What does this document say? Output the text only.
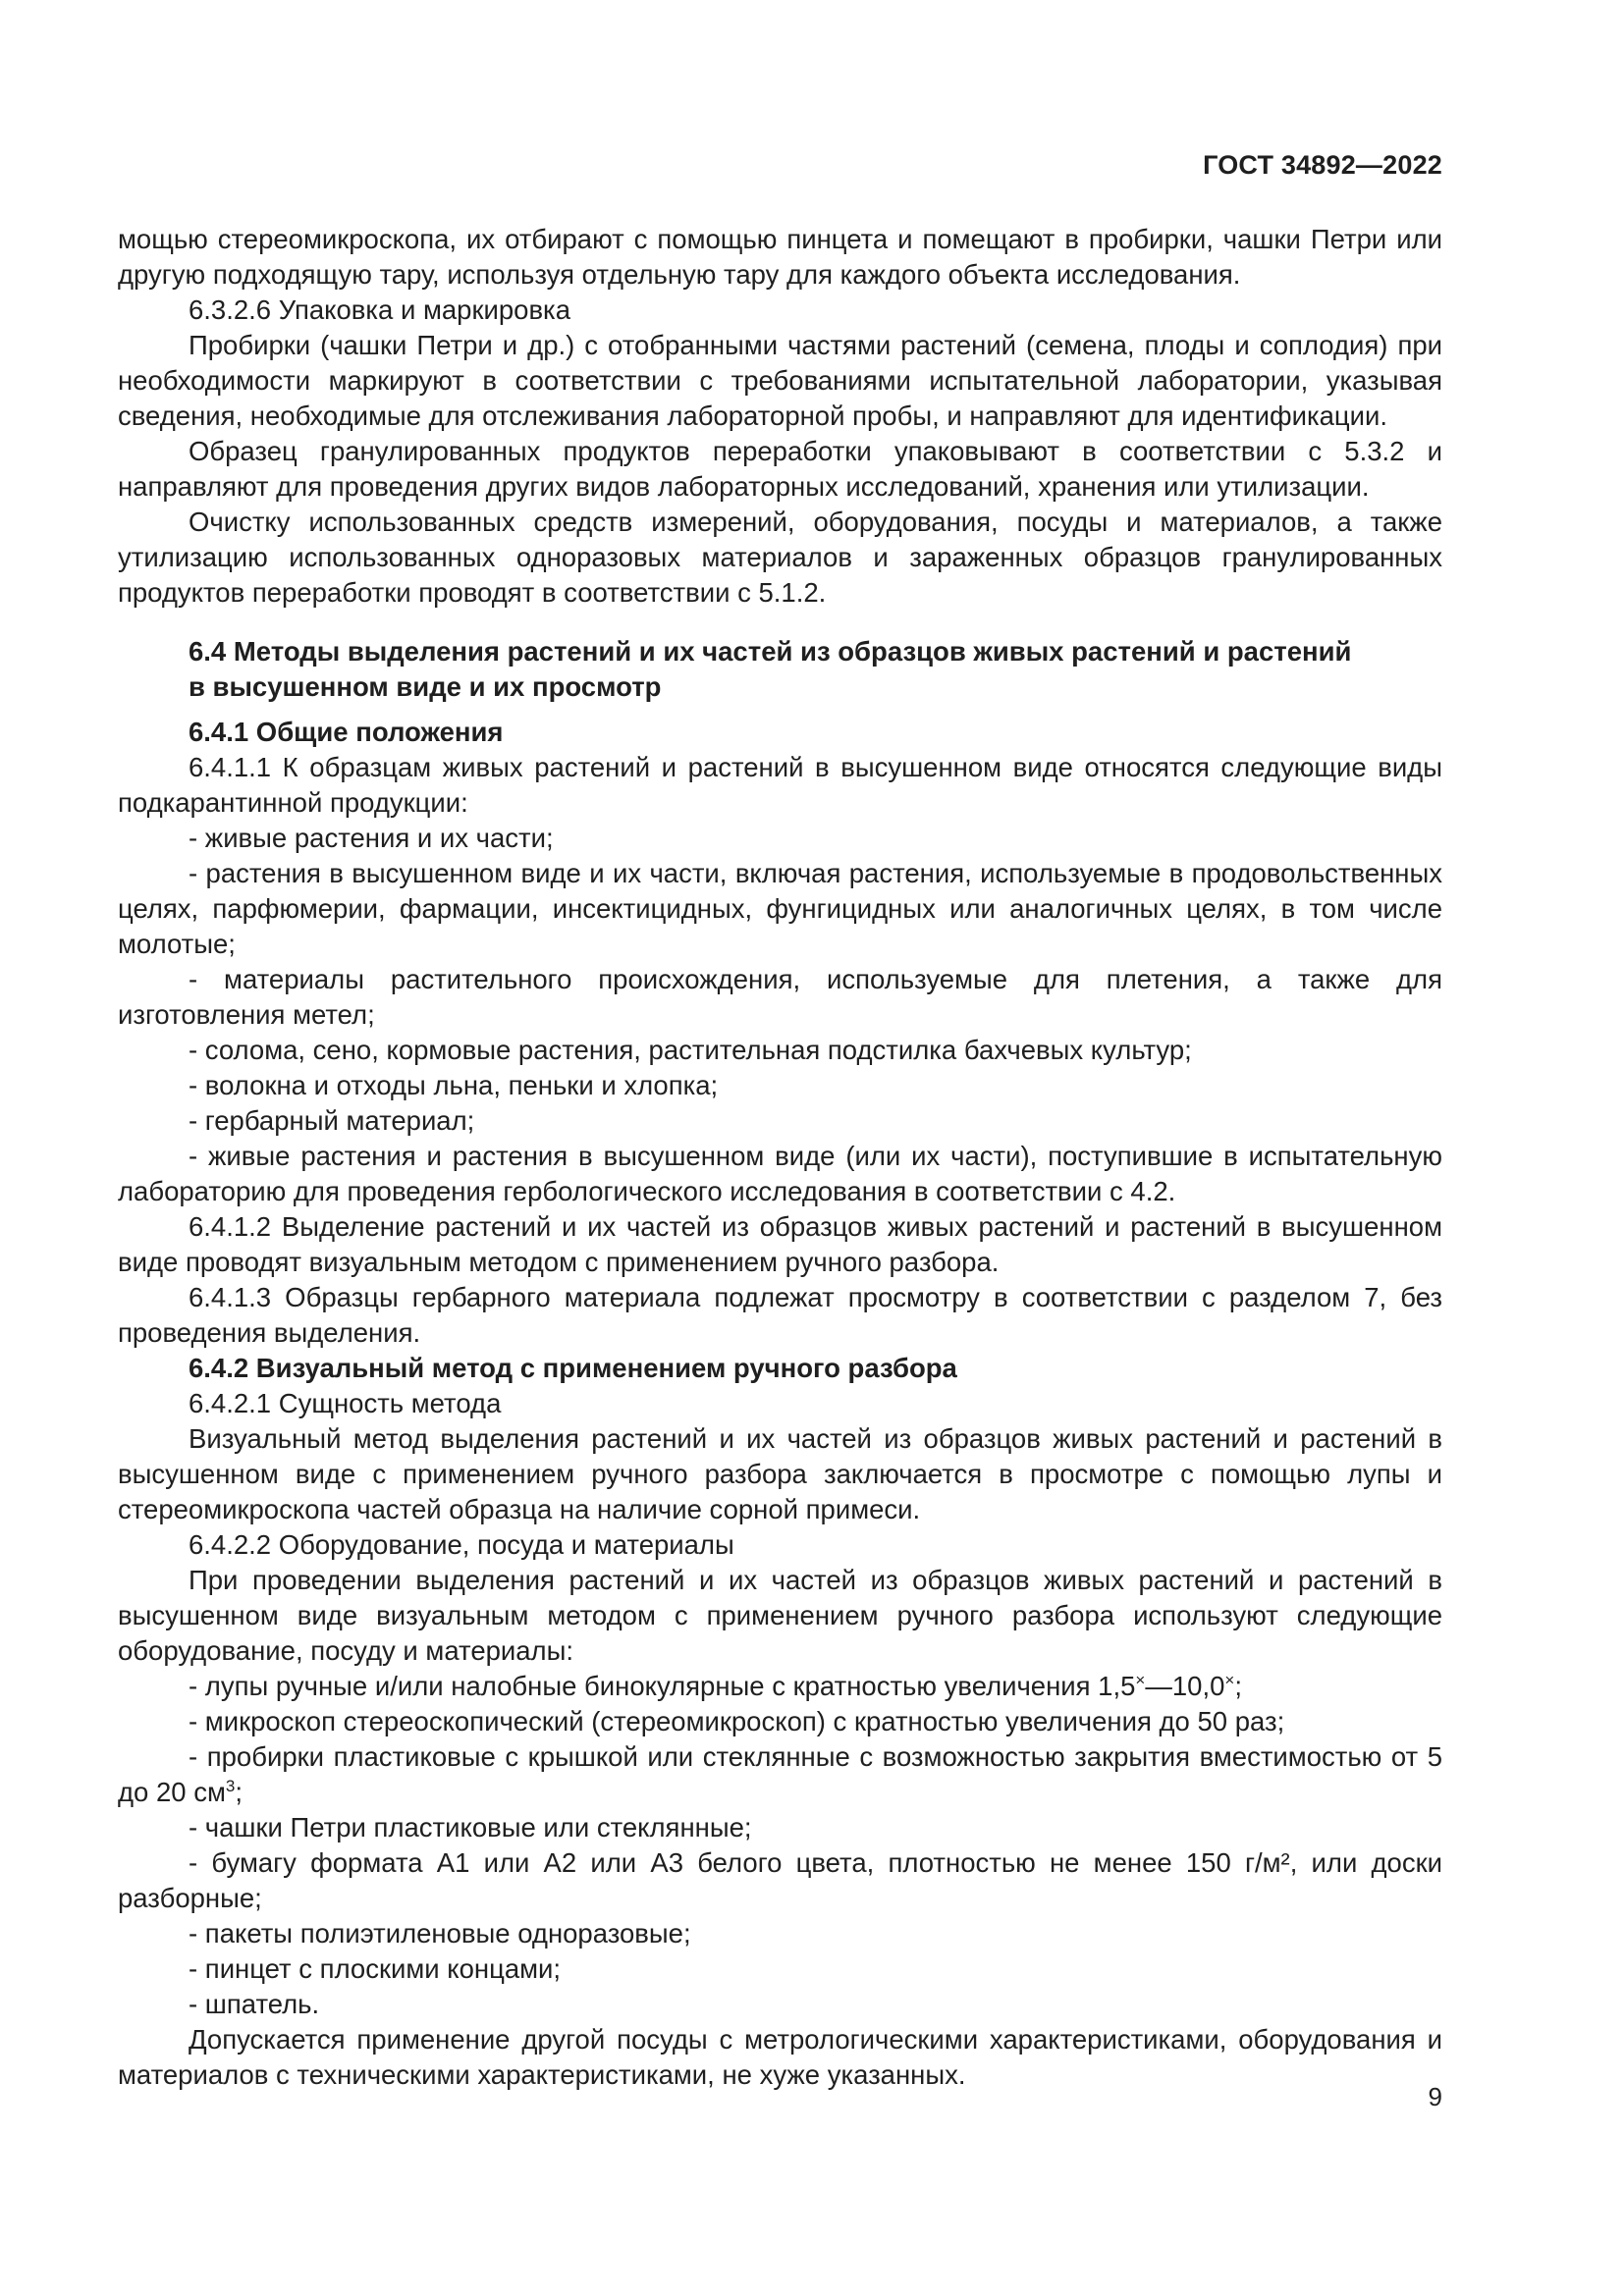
ГОСТ 34892—2022

мощью стереомикроскопа, их отбирают с помощью пинцета и помещают в пробирки, чашки Петри или другую подходящую тару, используя отдельную тару для каждого объекта исследования.

6.3.2.6 Упаковка и маркировка

Пробирки (чашки Петри и др.) с отобранными частями растений (семена, плоды и соплодия) при необходимости маркируют в соответствии с требованиями испытательной лаборатории, указывая сведения, необходимые для отслеживания лабораторной пробы, и направляют для идентификации.

Образец гранулированных продуктов переработки упаковывают в соответствии с 5.3.2 и направляют для проведения других видов лабораторных исследований, хранения или утилизации.

Очистку использованных средств измерений, оборудования, посуды и материалов, а также утилизацию использованных одноразовых материалов и зараженных образцов гранулированных продуктов переработки проводят в соответствии с 5.1.2.

6.4 Методы выделения растений и их частей из образцов живых растений и растений
в высушенном виде и их просмотр

6.4.1 Общие положения

6.4.1.1 К образцам живых растений и растений в высушенном виде относятся следующие виды подкарантинной продукции:

- живые растения и их части;

- растения в высушенном виде и их части, включая растения, используемые в продовольственных целях, парфюмерии, фармации, инсектицидных, фунгицидных или аналогичных целях, в том числе молотые;

- материалы растительного происхождения, используемые для плетения, а также для изготовления метел;

- солома, сено, кормовые растения, растительная подстилка бахчевых культур;

- волокна и отходы льна, пеньки и хлопка;

- гербарный материал;

- живые растения и растения в высушенном виде (или их части), поступившие в испытательную лабораторию для проведения гербологического исследования в соответствии с 4.2.

6.4.1.2 Выделение растений и их частей из образцов живых растений и растений в высушенном виде проводят визуальным методом с применением ручного разбора.

6.4.1.3 Образцы гербарного материала подлежат просмотру в соответствии с разделом 7, без проведения выделения.

6.4.2 Визуальный метод с применением ручного разбора

6.4.2.1 Сущность метода

Визуальный метод выделения растений и их частей из образцов живых растений и растений в высушенном виде с применением ручного разбора заключается в просмотре с помощью лупы и стереомикроскопа частей образца на наличие сорной примеси.

6.4.2.2 Оборудование, посуда и материалы

При проведении выделения растений и их частей из образцов живых растений и растений в высушенном виде визуальным методом с применением ручного разбора используют следующие оборудование, посуду и материалы:

- лупы ручные и/или налобные бинокулярные с кратностью увеличения 1,5×—10,0×;

- микроскоп стереоскопический (стереомикроскоп) с кратностью увеличения до 50 раз;

- пробирки пластиковые с крышкой или стеклянные с возможностью закрытия вместимостью от 5 до 20 $см^3$;

- чашки Петри пластиковые или стеклянные;

- бумагу формата А1 или А2 или А3 белого цвета, плотностью не менее 150 г/м², или доски разборные;

- пакеты полиэтиленовые одноразовые;

- пинцет с плоскими концами;

- шпатель.

Допускается применение другой посуды с метрологическими характеристиками, оборудования и материалов с техническими характеристиками, не хуже указанных.

9
